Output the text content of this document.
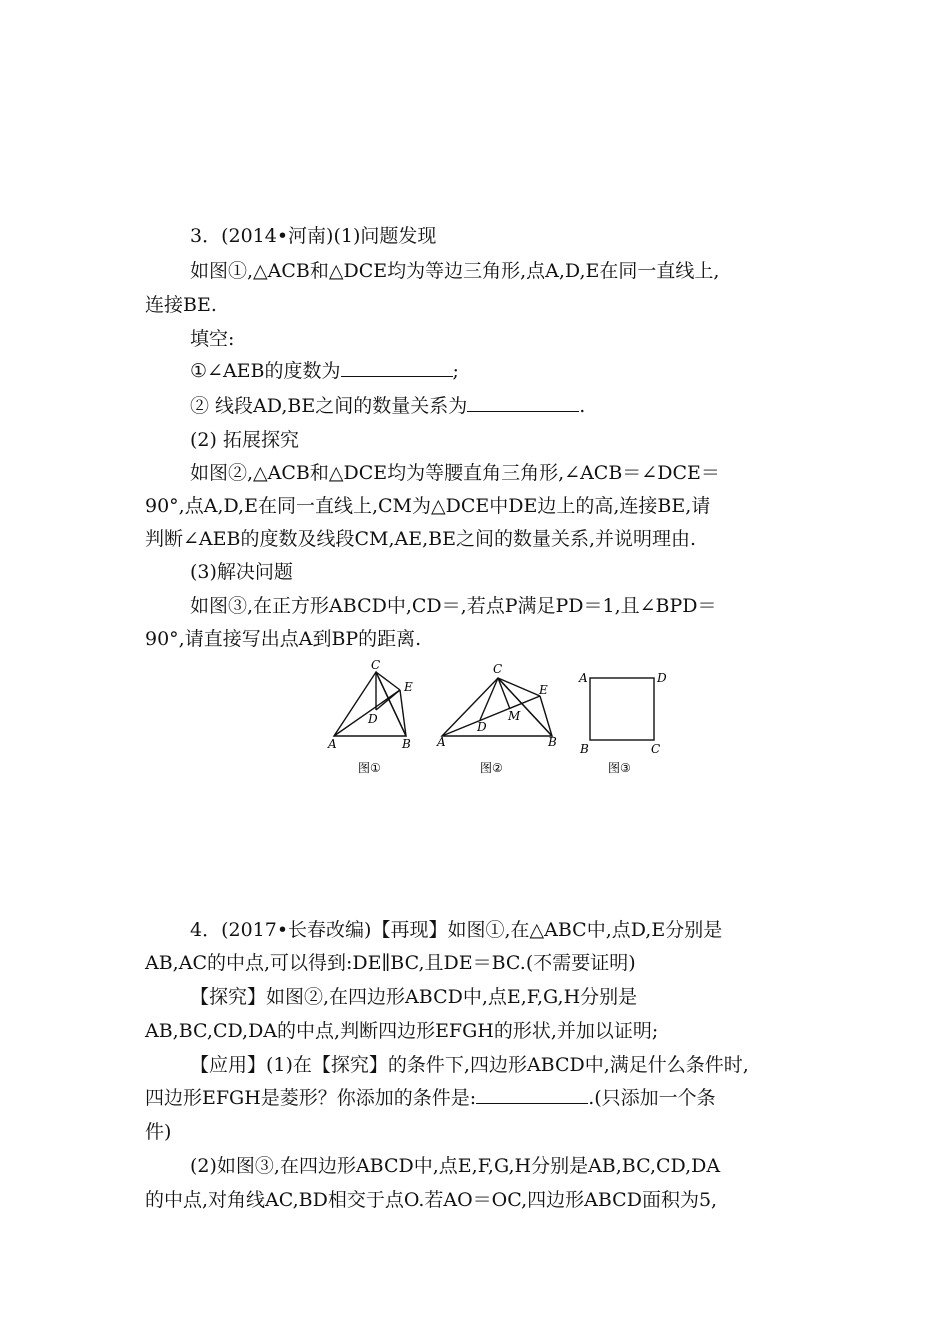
3．(2014•河南)(1)问题发现
如图①,△ACB和△DCE均为等边三角形,点A,D,E在同一直线上,
连接BE.
填空:
①∠AEB的度数为	;
② 线段AD,BE之间的数量关系为	.
(2) 拓展探究
如图②,△ACB和△DCE均为等腰直角三角形,∠ACB＝∠DCE＝
90°,点A,D,E在同一直线上,CM为△DCE中DE边上的高,连接BE,请
判断∠AEB的度数及线段CM,AE,BE之间的数量关系,并说明理由.
(3)解决问题
如图③,在正方形ABCD中,CD＝,若点P满足PD＝1,且∠BPD＝
90°,请直接写出点A到BP的距离.
C
E
D
A	B
C
E
M
D
A	B
A	D
B	C
图①	图②	图③
4．(2017•长春改编)【再现】如图①,在△ABC中,点D,E分别是
AB,AC的中点,可以得到:DE∥BC,且DE＝BC.(不需要证明)
【探究】如图②,在四边形ABCD中,点E,F,G,H分别是
AB,BC,CD,DA的中点,判断四边形EFGH的形状,并加以证明;
【应用】(1)在【探究】的条件下,四边形ABCD中,满足什么条件时,
四边形EFGH是菱形？你添加的条件是:	.(只添加一个条
件)
(2)如图③,在四边形ABCD中,点E,F,G,H分别是AB,BC,CD,DA
的中点,对角线AC,BD相交于点O.若AO＝OC,四边形ABCD面积为5,
